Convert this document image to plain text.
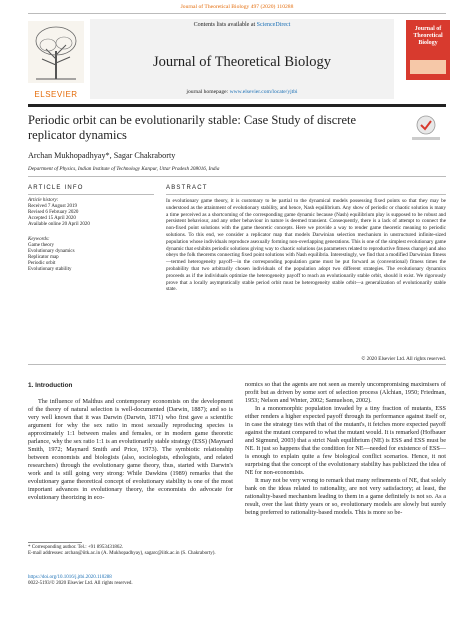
Journal of Theoretical Biology 497 (2020) 110288
ELSEVIER
Contents lists available at ScienceDirect
Journal of Theoretical Biology
journal homepage: www.elsevier.com/locate/yjtbi
Journal of Theoretical Biology
Periodic orbit can be evolutionarily stable: Case Study of discrete replicator dynamics
Archan Mukhopadhyay*, Sagar Chakraborty
Department of Physics, Indian Institute of Technology Kanpur, Uttar Pradesh 208016, India
ARTICLE INFO	ABSTRACT
Article history:
Received 7 August 2019
Revised 6 February 2020
Accepted 15 April 2020
Available online 20 April 2020
Keywords:
Game theory
Evolutionary dynamics
Replicator map
Periodic orbit
Evolutionary stability
In evolutionary game theory, it is customary to be partial to the dynamical models possessing fixed points so that they may be understood as the attainment of evolutionary stability, and hence, Nash equilibrium. Any show of periodic or chaotic solution is many a time perceived as a shortcoming of the corresponding game dynamic because (Nash) equilibrium play is supposed to be robust and persistent behaviour, and any other behaviour in nature is deemed transient. Consequently, there is a lack of attempt to connect the non-fixed point solutions with the game theoretic concepts. Here we provide a way to render game theoretic meaning to periodic solutions. To this end, we consider a replicator map that models Darwinian selection mechanism in unstructured infinite-sized population whose individuals reproduce asexually forming non-overlapping generations. This is one of the simplest evolutionary game dynamic that exhibits periodic solutions giving way to chaotic solutions (as parameters related to reproductive fitness change) and also obeys the folk theorems connecting fixed point solutions with Nash equilibria. Interestingly, we find that a modified Darwinian fitness—termed heterogeneity payoff—in the corresponding population game must be put forward as (conventional) fitness times the probability that two arbitrarily chosen individuals of the population adopt two different strategies. The evolutionary dynamics proceeds as if the individuals optimize the heterogeneity payoff to reach an evolutionarily stable orbit, should it exist. We rigorously prove that a locally asymptotically stable period orbit must be heterogeneity stable orbit—a generalization of evolutionarily stable state.
© 2020 Elsevier Ltd. All rights reserved.
1. Introduction

The influence of Malthus and contemporary economists on the development of the theory of natural selection is well-documented (Darwin, 1887); and so is very well known that it was Darwin (Darwin, 1871) who first gave a scientific argument for why the sex ratio in most sexually reproducing species is approximately 1:1 between males and females, or in modern game theoretic parlance, why the sex ratio 1:1 is an evolutionarily stable strategy (ESS) (Maynard Smith, 1972; Maynard Smith and Price, 1973). The symbiotic relationship between economists and biologists (also, sociologists, ethologists, and related researchers) through the evolutionary game theory, thus, started with Darwin's work and is still going very strong: While Dawkins (1989) remarks that the evolutionary game theoretical concept of evolutionary stability is one of the most important advances in evolutionary theory, the economists do advocate for evolutionary theorizing in eco-

nomics so that the agents are not seen as merely uncompromising maximisers of profit but as driven by some sort of selection process (Alchian, 1950; Friedman, 1953; Nelson and Winter, 2002; Samuelson, 2002).

In a monomorphic population invaded by a tiny fraction of mutants, ESS either renders a higher expected payoff through its performance against itself or, in case the strategy ties with that of the mutant's, it fetches more expected payoff against the mutant compared to what the mutant would. It is remarked (Hofbauer and Sigmund, 2003) that a strict Nash equilibrium (NE) is ESS and ESS must be NE. It just so happens that the condition for NE—needed for existence of ESS—is enough to explain quite a few biological conflict scenarios. Hence, it not surprising that the concept of the evolutionary stability has publicized the idea of NE for non-economists.

It may not be very wrong to remark that many refinements of NE, that solely bank on the ideas related to rationality, are not very satisfactory; at least, the rationality-based mechanism leading to them in a game definitely is not so. As a result, over the last thirty years or so, evolutionary models are slowly but surely being preferred to rationality-based models. This is more so be-

* Corresponding author. Tel.: +91 8953431862.
E-mail addresses: archan@iitk.ac.in (A. Mukhopadhyay), sagarc@iitk.ac.in (S. Chakraborty).
https://doi.org/10.1016/j.jtbi.2020.110288
0022-5193/© 2020 Elsevier Ltd. All rights reserved.
